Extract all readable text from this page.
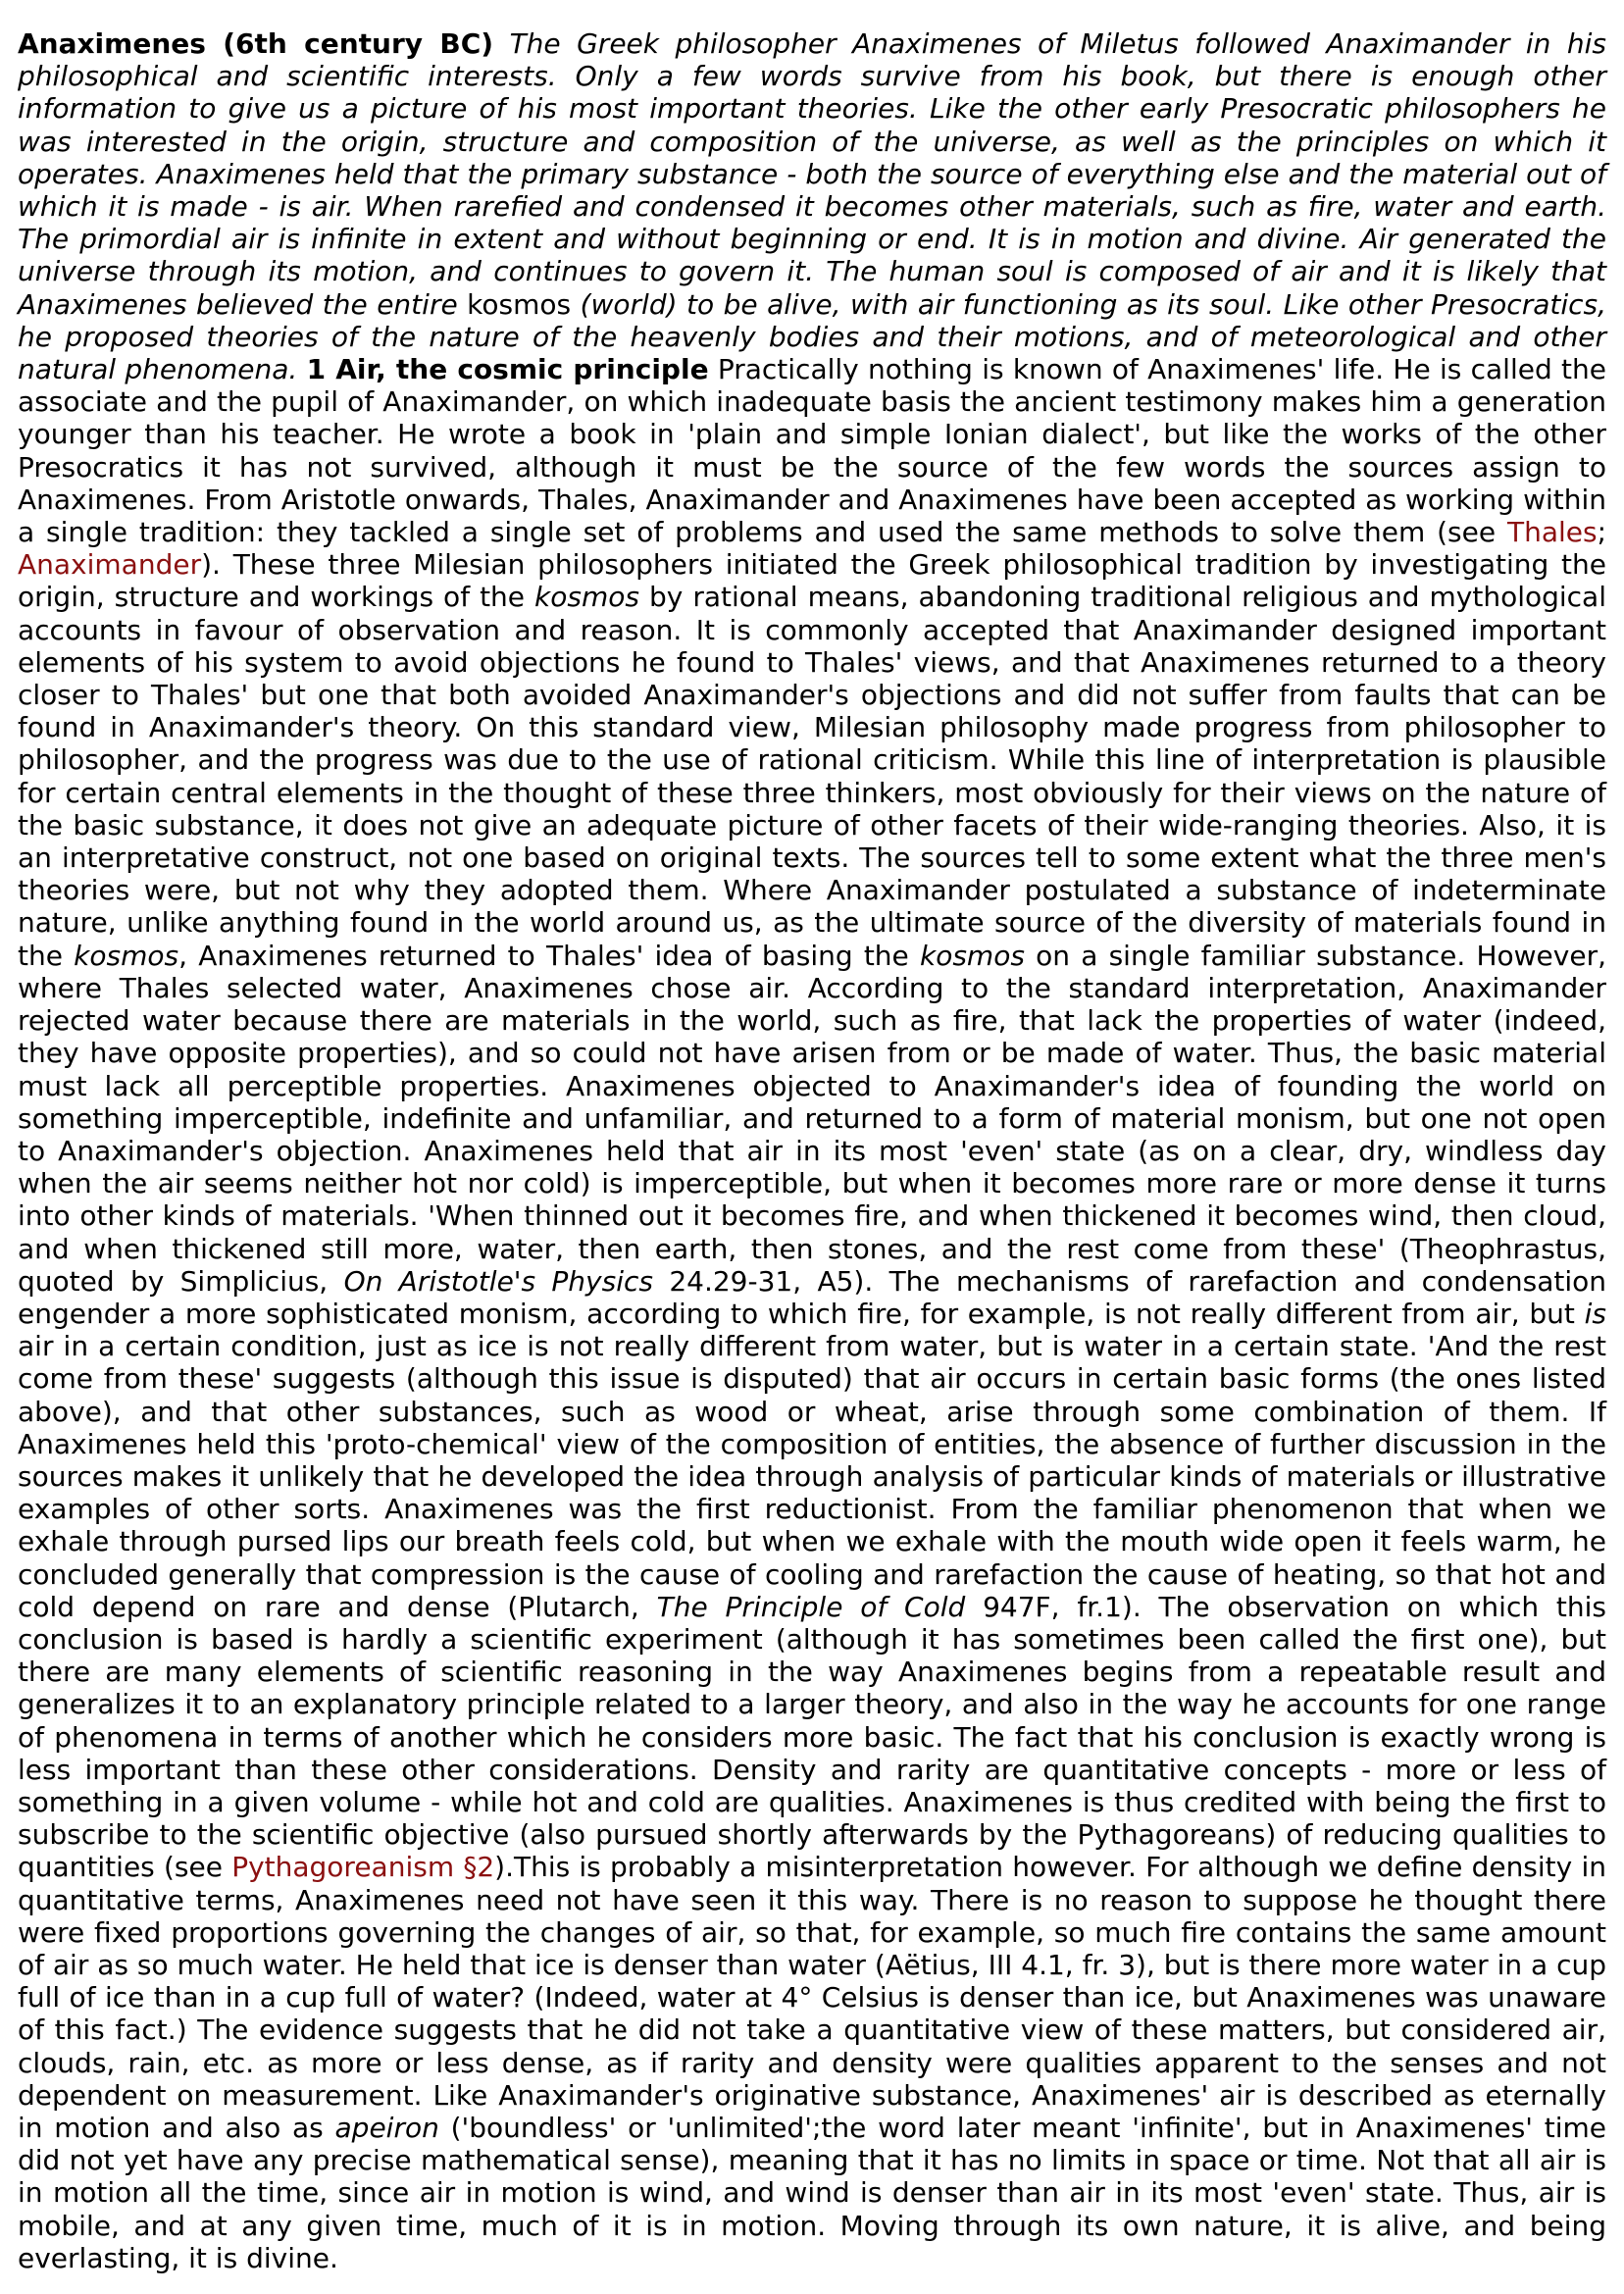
Anaximenes (6th century BC) The Greek philosopher Anaximenes of Miletus followed Anaximander in his philosophical and scientific interests. Only a few words survive from his book, but there is enough other information to give us a picture of his most important theories. Like the other early Presocratic philosophers he was interested in the origin, structure and composition of the universe, as well as the principles on which it operates. Anaximenes held that the primary substance - both the source of everything else and the material out of which it is made - is air. When rarefied and condensed it becomes other materials, such as fire, water and earth. The primordial air is infinite in extent and without beginning or end. It is in motion and divine. Air generated the universe through its motion, and continues to govern it. The human soul is composed of air and it is likely that Anaximenes believed the entire kosmos (world) to be alive, with air functioning as its soul. Like other Presocratics, he proposed theories of the nature of the heavenly bodies and their motions, and of meteorological and other natural phenomena. 1 Air, the cosmic principle Practically nothing is known of Anaximenes' life. He is called the associate and the pupil of Anaximander, on which inadequate basis the ancient testimony makes him a generation younger than his teacher. He wrote a book in 'plain and simple Ionian dialect', but like the works of the other Presocratics it has not survived, although it must be the source of the few words the sources assign to Anaximenes. From Aristotle onwards, Thales, Anaximander and Anaximenes have been accepted as working within a single tradition: they tackled a single set of problems and used the same methods to solve them (see Thales; Anaximander). These three Milesian philosophers initiated the Greek philosophical tradition by investigating the origin, structure and workings of the kosmos by rational means, abandoning traditional religious and mythological accounts in favour of observation and reason. It is commonly accepted that Anaximander designed important elements of his system to avoid objections he found to Thales' views, and that Anaximenes returned to a theory closer to Thales' but one that both avoided Anaximander's objections and did not suffer from faults that can be found in Anaximander's theory. On this standard view, Milesian philosophy made progress from philosopher to philosopher, and the progress was due to the use of rational criticism. While this line of interpretation is plausible for certain central elements in the thought of these three thinkers, most obviously for their views on the nature of the basic substance, it does not give an adequate picture of other facets of their wide-ranging theories. Also, it is an interpretative construct, not one based on original texts. The sources tell to some extent what the three men's theories were, but not why they adopted them. Where Anaximander postulated a substance of indeterminate nature, unlike anything found in the world around us, as the ultimate source of the diversity of materials found in the kosmos, Anaximenes returned to Thales' idea of basing the kosmos on a single familiar substance. However, where Thales selected water, Anaximenes chose air. According to the standard interpretation, Anaximander rejected water because there are materials in the world, such as fire, that lack the properties of water (indeed, they have opposite properties), and so could not have arisen from or be made of water. Thus, the basic material must lack all perceptible properties. Anaximenes objected to Anaximander's idea of founding the world on something imperceptible, indefinite and unfamiliar, and returned to a form of material monism, but one not open to Anaximander's objection. Anaximenes held that air in its most 'even' state (as on a clear, dry, windless day when the air seems neither hot nor cold) is imperceptible, but when it becomes more rare or more dense it turns into other kinds of materials. 'When thinned out it becomes fire, and when thickened it becomes wind, then cloud, and when thickened still more, water, then earth, then stones, and the rest come from these' (Theophrastus, quoted by Simplicius, On Aristotle's Physics 24.29-31, A5). The mechanisms of rarefaction and condensation engender a more sophisticated monism, according to which fire, for example, is not really different from air, but is air in a certain condition, just as ice is not really different from water, but is water in a certain state. 'And the rest come from these' suggests (although this issue is disputed) that air occurs in certain basic forms (the ones listed above), and that other substances, such as wood or wheat, arise through some combination of them. If Anaximenes held this 'proto-chemical' view of the composition of entities, the absence of further discussion in the sources makes it unlikely that he developed the idea through analysis of particular kinds of materials or illustrative examples of other sorts. Anaximenes was the first reductionist. From the familiar phenomenon that when we exhale through pursed lips our breath feels cold, but when we exhale with the mouth wide open it feels warm, he concluded generally that compression is the cause of cooling and rarefaction the cause of heating, so that hot and cold depend on rare and dense (Plutarch, The Principle of Cold 947F, fr.1). The observation on which this conclusion is based is hardly a scientific experiment (although it has sometimes been called the first one), but there are many elements of scientific reasoning in the way Anaximenes begins from a repeatable result and generalizes it to an explanatory principle related to a larger theory, and also in the way he accounts for one range of phenomena in terms of another which he considers more basic. The fact that his conclusion is exactly wrong is less important than these other considerations. Density and rarity are quantitative concepts - more or less of something in a given volume - while hot and cold are qualities. Anaximenes is thus credited with being the first to subscribe to the scientific objective (also pursued shortly afterwards by the Pythagoreans) of reducing qualities to quantities (see Pythagoreanism §2).This is probably a misinterpretation however. For although we define density in quantitative terms, Anaximenes need not have seen it this way. There is no reason to suppose he thought there were fixed proportions governing the changes of air, so that, for example, so much fire contains the same amount of air as so much water. He held that ice is denser than water (Aëtius, III 4.1, fr. 3), but is there more water in a cup full of ice than in a cup full of water? (Indeed, water at 4° Celsius is denser than ice, but Anaximenes was unaware of this fact.) The evidence suggests that he did not take a quantitative view of these matters, but considered air, clouds, rain, etc. as more or less dense, as if rarity and density were qualities apparent to the senses and not dependent on measurement. Like Anaximander's originative substance, Anaximenes' air is described as eternally in motion and also as apeiron ('boundless' or 'unlimited';the word later meant 'infinite', but in Anaximenes' time did not yet have any precise mathematical sense), meaning that it has no limits in space or time. Not that all air is in motion all the time, since air in motion is wind, and wind is denser than air in its most 'even' state. Thus, air is mobile, and at any given time, much of it is in motion. Moving through its own nature, it is alive, and being everlasting, it is divine.
